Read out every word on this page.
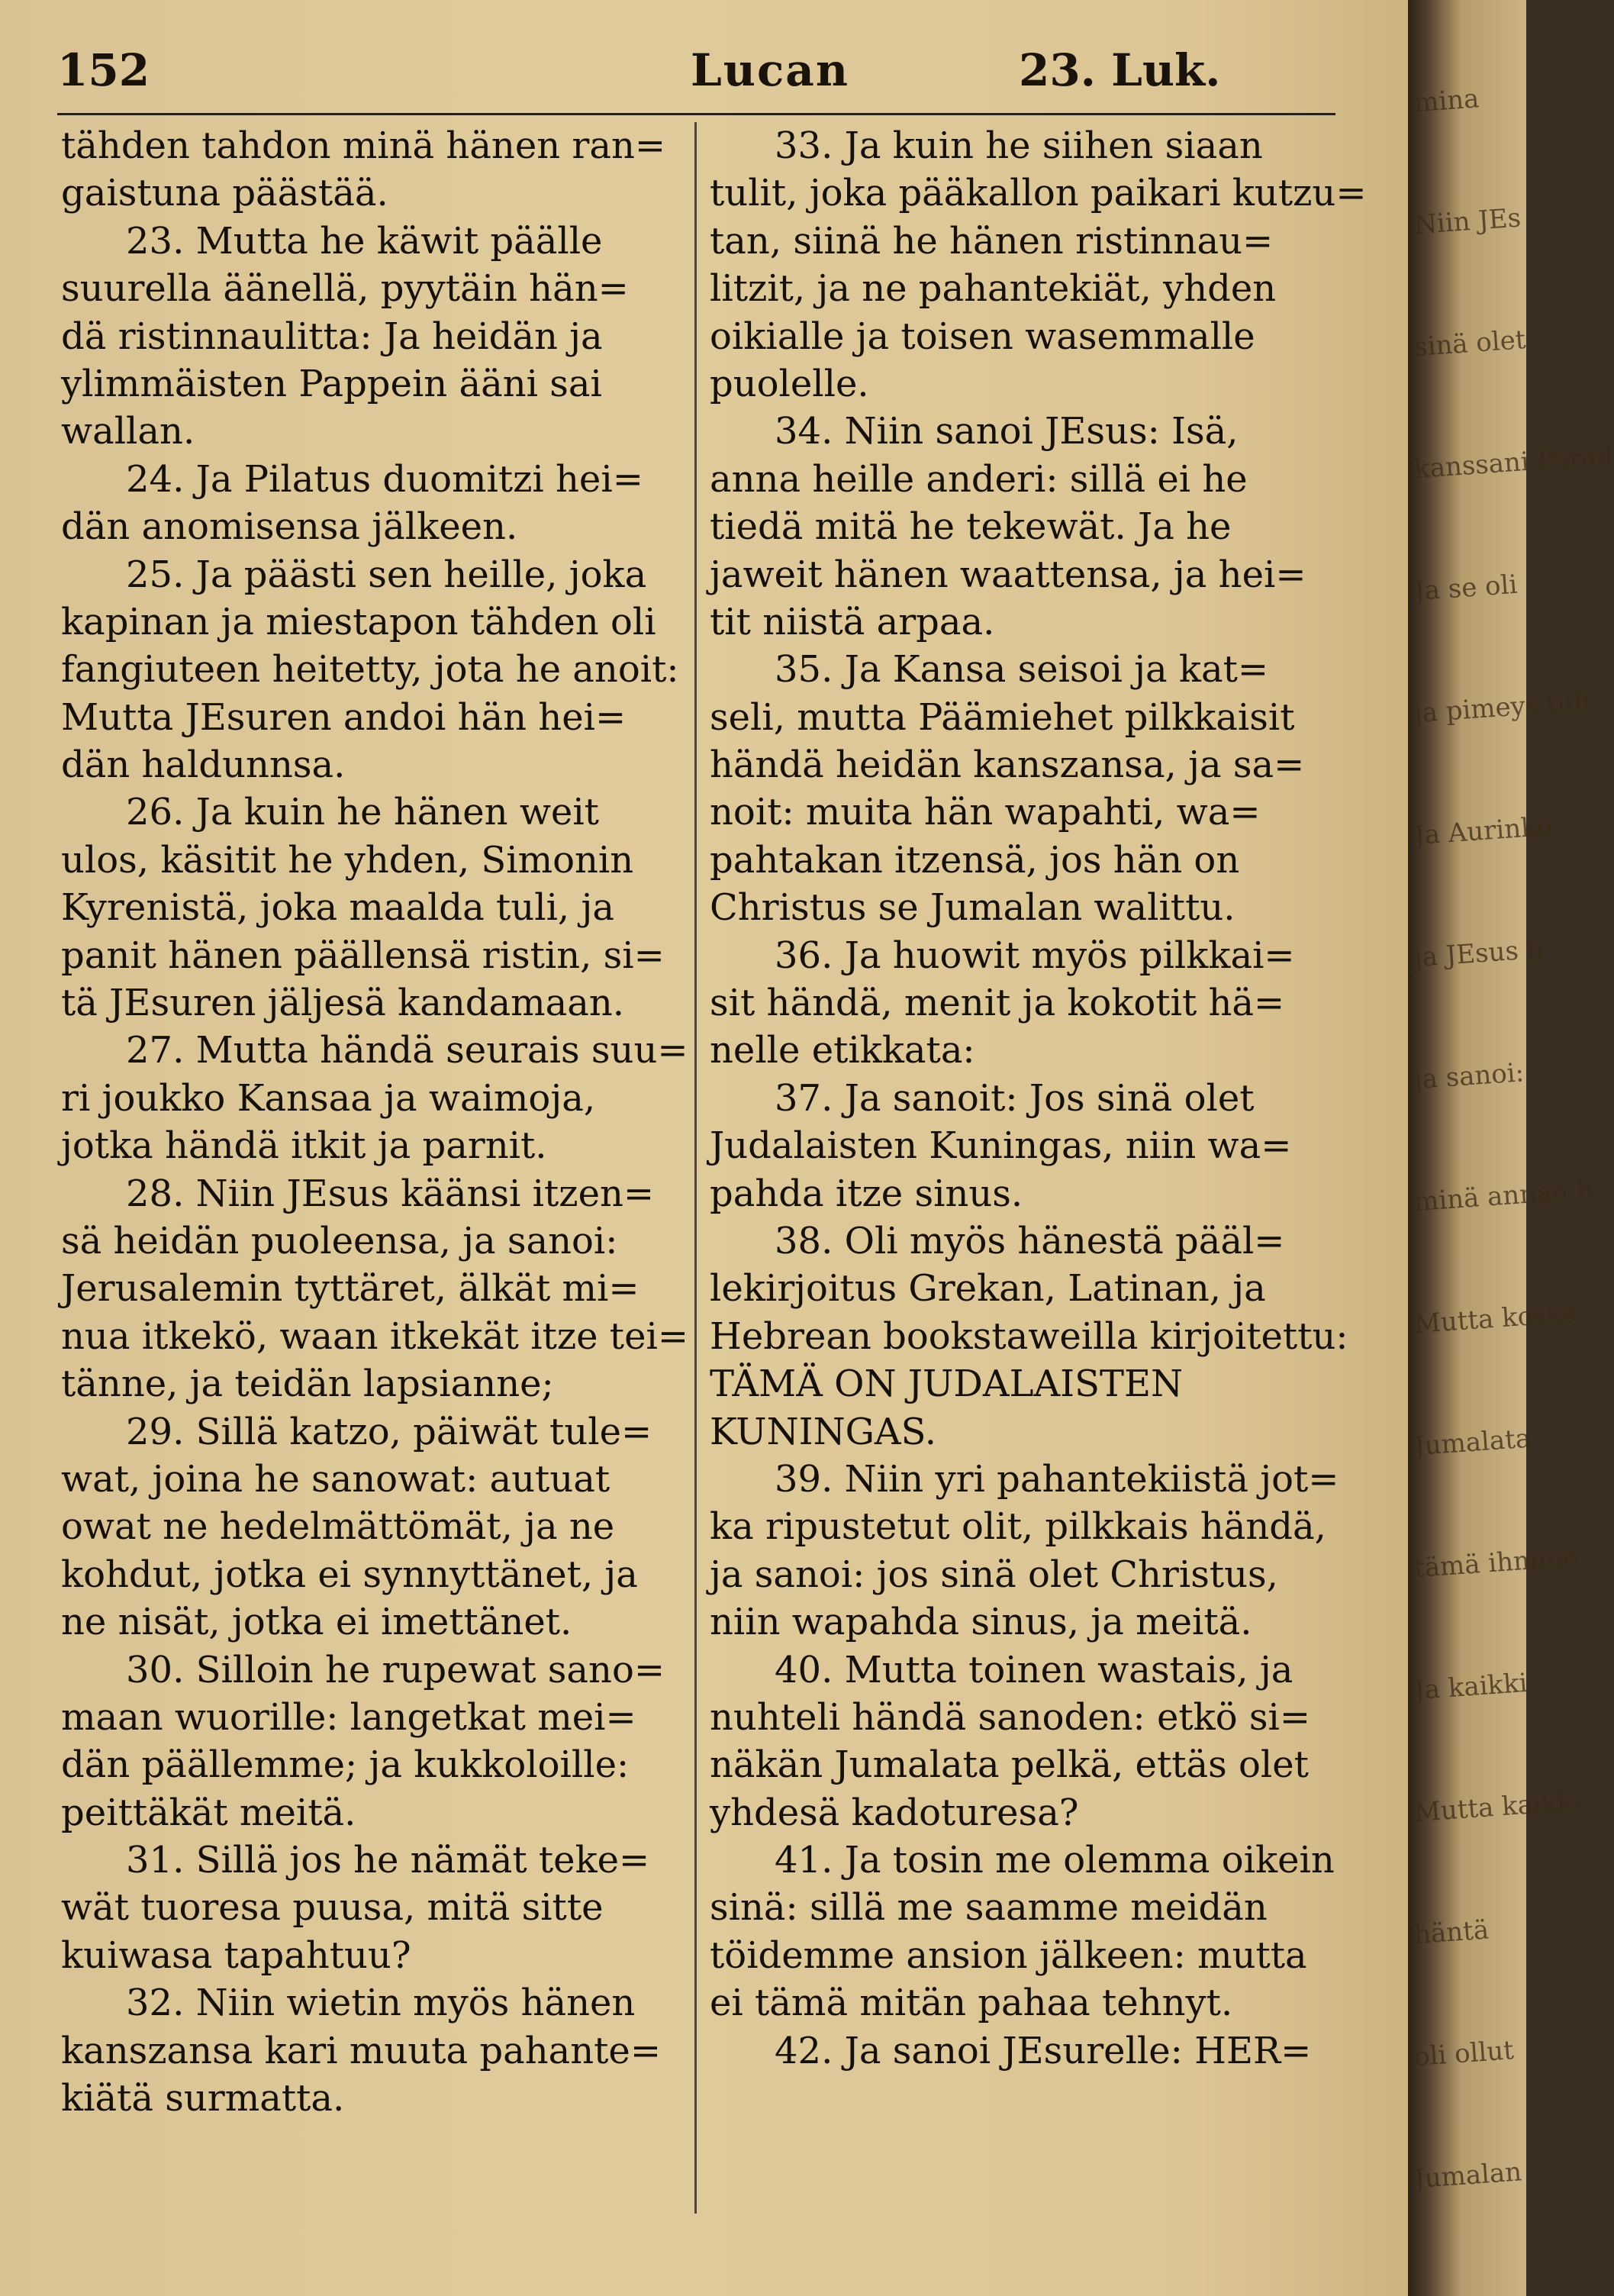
152	Lucan	23. Luk.
tähden tahdon minä hänen ran=
gaistuna päästää.
23. Mutta he käwit päälle
suurella äänellä, pyytäin hän=
dä ristinnaulitta: Ja heidän ja
ylimmäisten Pappein ääni sai
wallan.
24. Ja Pilatus duomitzi hei=
dän anomisensa jälkeen.
25. Ja päästi sen heille, joka
kapinan ja miestapon tähden oli
fangiuteen heitetty, jota he anoit:
Mutta JEsuren andoi hän hei=
dän haldunnsa.
26. Ja kuin he hänen weit
ulos, käsitit he yhden, Simonin
Kyrenistä, joka maalda tuli, ja
panit hänen päällensä ristin, si=
tä JEsuren jäljesä kandamaan.
27. Mutta händä seurais suu=
ri joukko Kansaa ja waimoja,
jotka händä itkit ja parnit.
28. Niin JEsus käänsi itzen=
sä heidän puoleensa, ja sanoi:
Jerusalemin tyttäret, älkät mi=
nua itkekö, waan itkekät itze tei=
tänne, ja teidän lapsianne;
29. Sillä katzo, päiwät tule=
wat, joina he sanowat: autuat
owat ne hedelmättömät, ja ne
kohdut, jotka ei synnyttänet, ja
ne nisät, jotka ei imettänet.
30. Silloin he rupewat sano=
maan wuorille: langetkat mei=
dän päällemme; ja kukkoloille:
peittäkät meitä.
31. Sillä jos he nämät teke=
wät tuoresa puusa, mitä sitte
kuiwasa tapahtuu?
32. Niin wietin myös hänen
kanszansa kari muuta pahante=
kiätä surmatta.
33. Ja kuin he siihen siaan
tulit, joka pääkallon paikari kutzu=
tan, siinä he hänen ristinnau=
litzit, ja ne pahantekiät, yhden
oikialle ja toisen wasemmalle
puolelle.
34. Niin sanoi JEsus: Isä,
anna heille anderi: sillä ei he
tiedä mitä he tekewät. Ja he
jaweit hänen waattensa, ja hei=
tit niistä arpaa.
35. Ja Kansa seisoi ja kat=
seli, mutta Päämiehet pilkkaisit
händä heidän kanszansa, ja sa=
noit: muita hän wapahti, wa=
pahtakan itzensä, jos hän on
Christus se Jumalan walittu.
36. Ja huowit myös pilkkai=
sit händä, menit ja kokotit hä=
nelle etikkata:
37. Ja sanoit: Jos sinä olet
Judalaisten Kuningas, niin wa=
pahda itze sinus.
38. Oli myös hänestä pääl=
lekirjoitus Grekan, Latinan, ja
Hebrean bookstaweilla kirjoitettu:
TÄMÄ ON JUDALAISTEN
KUNINGAS.
39. Niin yri pahantekiistä jot=
ka ripustetut olit, pilkkais händä,
ja sanoi: jos sinä olet Christus,
niin wapahda sinus, ja meitä.
40. Mutta toinen wastais, ja
nuhteli händä sanoden: etkö si=
näkän Jumalata pelkä, ettäs olet
yhdesä kadoturesa?
41. Ja tosin me olemma oikein
sinä: sillä me saamme meidän
töidemme ansion jälkeen: mutta
ei tämä mitän pahaa tehnyt.
42. Ja sanoi JEsurelle: HER=
mina
Niin JEs
sinä olet
kanssani Parad
Ja se oli
ja pimeys tuli
Ja Aurinko
ja JEsus h
ja sanoi:
minä annan h
Mutta koska
Jumalata
tämä ihmine
Ja kaikki
Mutta kaikki
häntä
oli ollut
Jumalan
